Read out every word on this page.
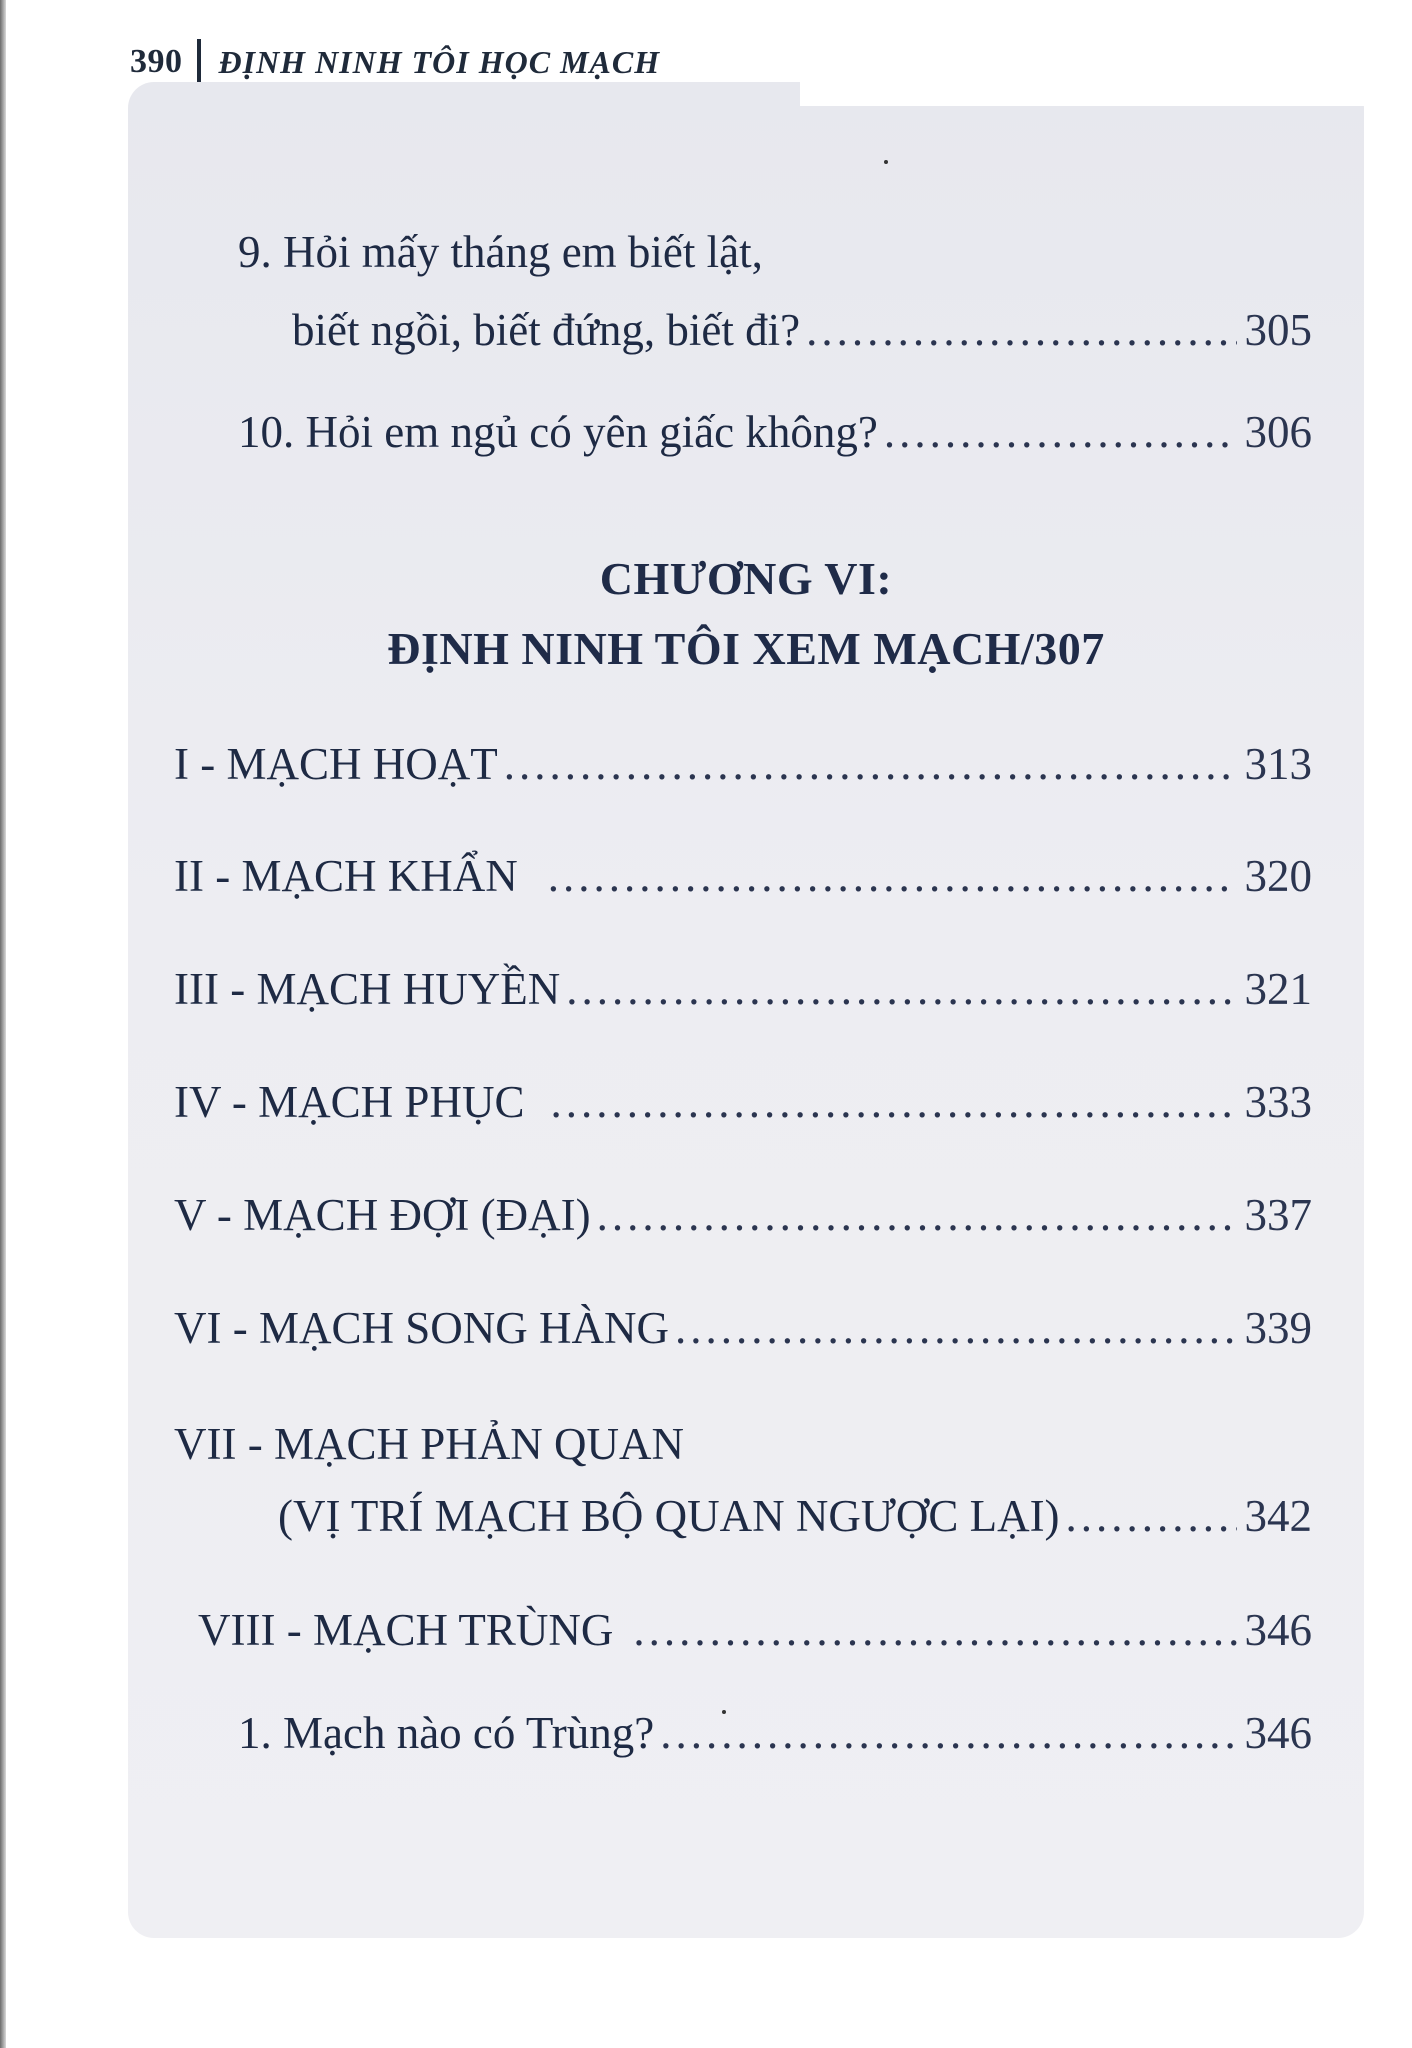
390 ĐỊNH NINH TÔI HỌC MẠCH
9. Hỏi mấy tháng em biết lật,
biết ngồi, biết đứng, biết đi? .....	305
10. Hỏi em ngủ có yên giấc không? .....	306
CHƯƠNG VI:
ĐỊNH NINH TÔI XEM MẠCH/307
I - MẠCH HOẠT .....	313
II - MẠCH KHẨN .....	320
III - MẠCH HUYỀN .....	321
IV - MẠCH PHỤC .....	333
V - MẠCH ĐỢI (ĐẠI) .....	337
VI - MẠCH SONG HÀNG .....	339
VII - MẠCH PHẢN QUAN
(VỊ TRÍ MẠCH BỘ QUAN NGƯỢC LẠI) .....	342
VIII - MẠCH TRÙNG .....	346
1. Mạch nào có Trùng? .....	346
